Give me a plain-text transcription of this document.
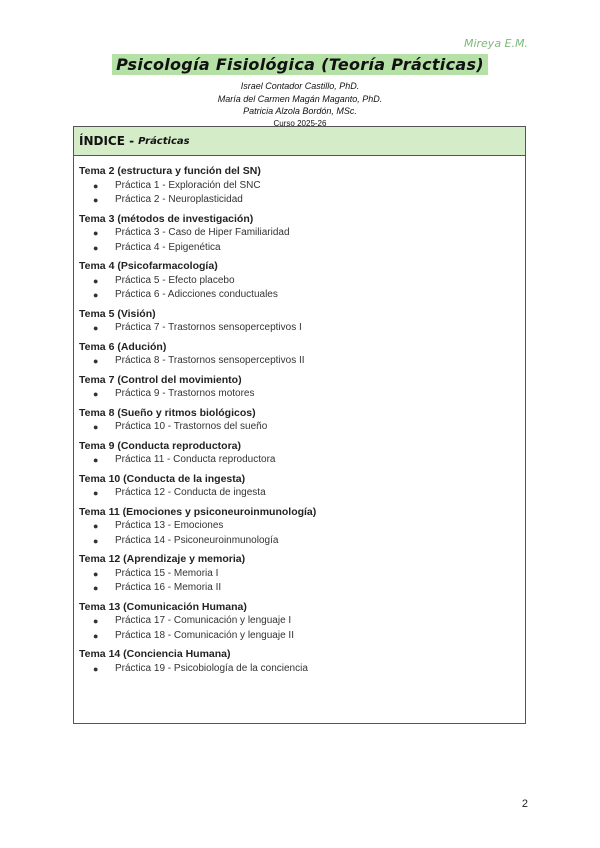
Mireya E.M.
Psicología Fisiológica (Teoría Prácticas)
Israel Contador Castillo, PhD.
María del Carmen Magán Maganto, PhD.
Patricia Alzola Bordón, MSc.
Curso 2025-26
ÍNDICE - Prácticas
Tema 2 (estructura y función del SN)
● Práctica 1 - Exploración del SNC
● Práctica 2 - Neuroplasticidad
Tema 3 (métodos de investigación)
● Práctica 3 - Caso de Hiper Familiaridad
● Práctica 4 - Epigenética
Tema 4 (Psicofarmacología)
● Práctica 5 - Efecto placebo
● Práctica 6 - Adicciones conductuales
Tema 5 (Visión)
● Práctica 7 - Trastornos sensoperceptivos I
Tema 6 (Adución)
● Práctica 8 - Trastornos sensoperceptivos II
Tema 7 (Control del movimiento)
● Práctica 9 - Trastornos motores
Tema 8 (Sueño y ritmos biológicos)
● Práctica 10 - Trastornos del sueño
Tema 9 (Conducta reproductora)
● Práctica 11 - Conducta reproductora
Tema 10 (Conducta de la ingesta)
● Práctica 12 - Conducta de ingesta
Tema 11 (Emociones y psiconeuroinmunología)
● Práctica 13 - Emociones
● Práctica 14 - Psiconeuroinmunología
Tema 12 (Aprendizaje y memoria)
● Práctica 15 - Memoria I
● Práctica 16 - Memoria II
Tema 13 (Comunicación Humana)
● Práctica 17 - Comunicación y lenguaje I
● Práctica 18 - Comunicación y lenguaje II
Tema 14 (Conciencia Humana)
● Práctica 19 - Psicobiología de la conciencia
2
